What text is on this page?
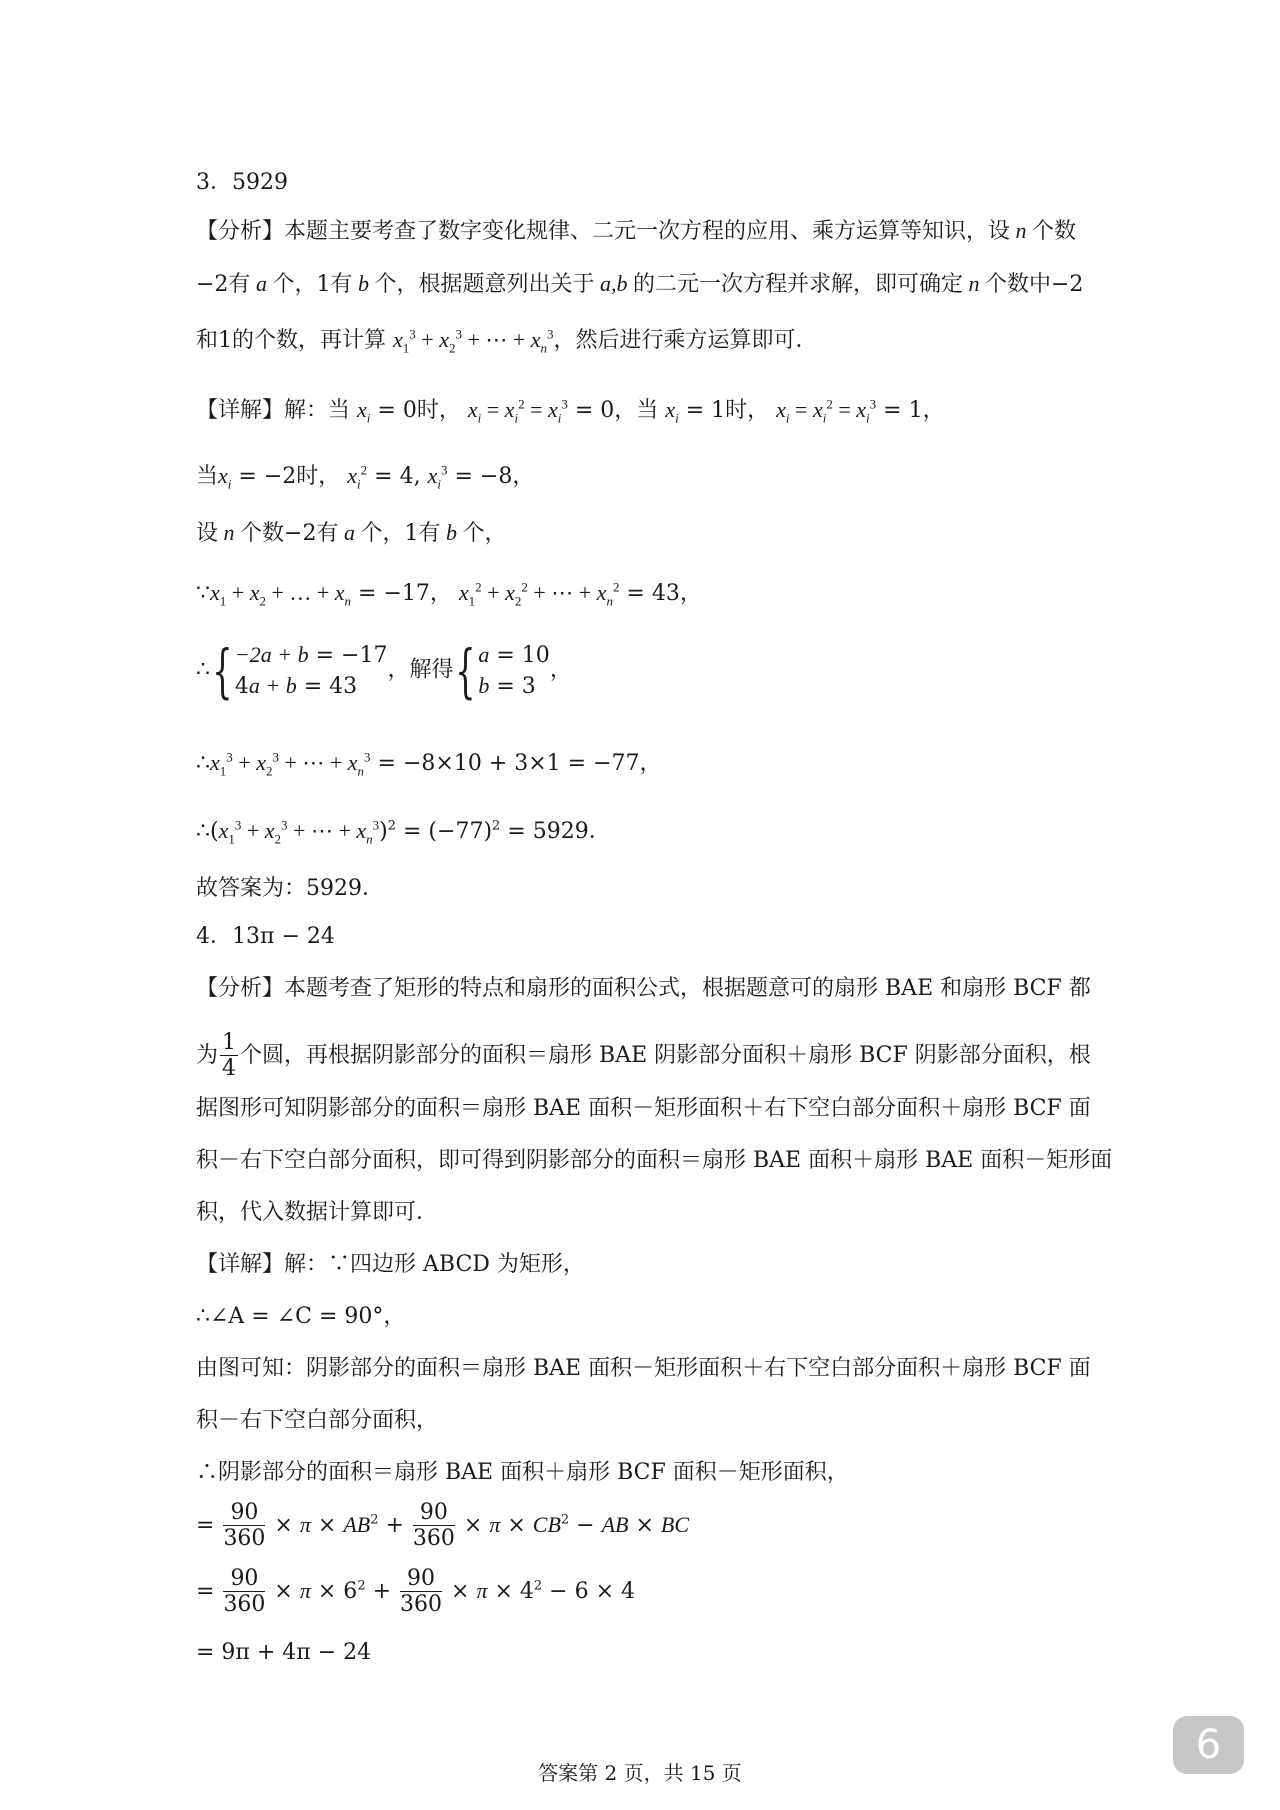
3．5929
【分析】本题主要考查了数字变化规律、二元一次方程的应用、乘方运算等知识，设 n 个数
−2有 a 个，1有 b 个，根据题意列出关于 a,b 的二元一次方程并求解，即可确定 n 个数中−2
和1的个数，再计算 $x_1^3 + x_2^3$ + ⋯ + $x_n^3$，然后进行乘方运算即可．
【详解】解：当 $x_i = 0$时， $x_i = x_i^2 = x_i^3 = 0$，当 $x_i = 1$时， $x_i = x_i^2 = x_i^3 = 1$，
当$x_i = -2$时， $x_i^2 = 4$, $x_i^3 = -8$，
设 n 个数−2有 a 个，1有 b 个，
$\because x_1 + x_2$ + … + $x_n = -17$， $x_1^2 + x_2^2$ + ⋯ + $x_n^2 = 43$，
∴{ −2a + b = −17
4a + b = 43，解得{ a = 10
b = 3，
$\therefore x_1^3 + x_2^3$ + ⋯ + $x_n^3 = -8\times 10 + 3\times 1 = -77$，
$\therefore(x_1^3 + x_2^3$ + ⋯ + $x_n^3)^2 = (-77)^2 = 5929$．
故答案为：5929．
4．13π − 24
【分析】本题考查了矩形的特点和扇形的面积公式，根据题意可的扇形 BAE 和扇形 BCF 都
为 $\frac{1}{4}$ 个圆，再根据阴影部分的面积＝扇形 BAE 阴影部分面积＋扇形 BCF 阴影部分面积，根
据图形可知阴影部分的面积＝扇形 BAE 面积－矩形面积＋右下空白部分面积＋扇形 BCF 面
积－右下空白部分面积，即可得到阴影部分的面积＝扇形 BAE 面积＋扇形 BAE 面积－矩形面
积，代入数据计算即可．
【详解】解：∵四边形 ABCD 为矩形，
∴∠A = ∠C = 90°，
由图可知：阴影部分的面积＝扇形 BAE 面积－矩形面积＋右下空白部分面积＋扇形 BCF 面
积－右下空白部分面积，
∴阴影部分的面积＝扇形 BAE 面积＋扇形 BCF 面积－矩形面积，
= $\frac{90}{360} \times \pi \times AB^2 + \frac{90}{360} \times \pi \times CB^2$ − AB × BC
= $\frac{90}{360} \times \pi \times 6^2 + \frac{90}{360} \times \pi \times 4^2 - 6 \times 4$
= 9π + 4π − 24
答案第 2 页，共 15 页
6
